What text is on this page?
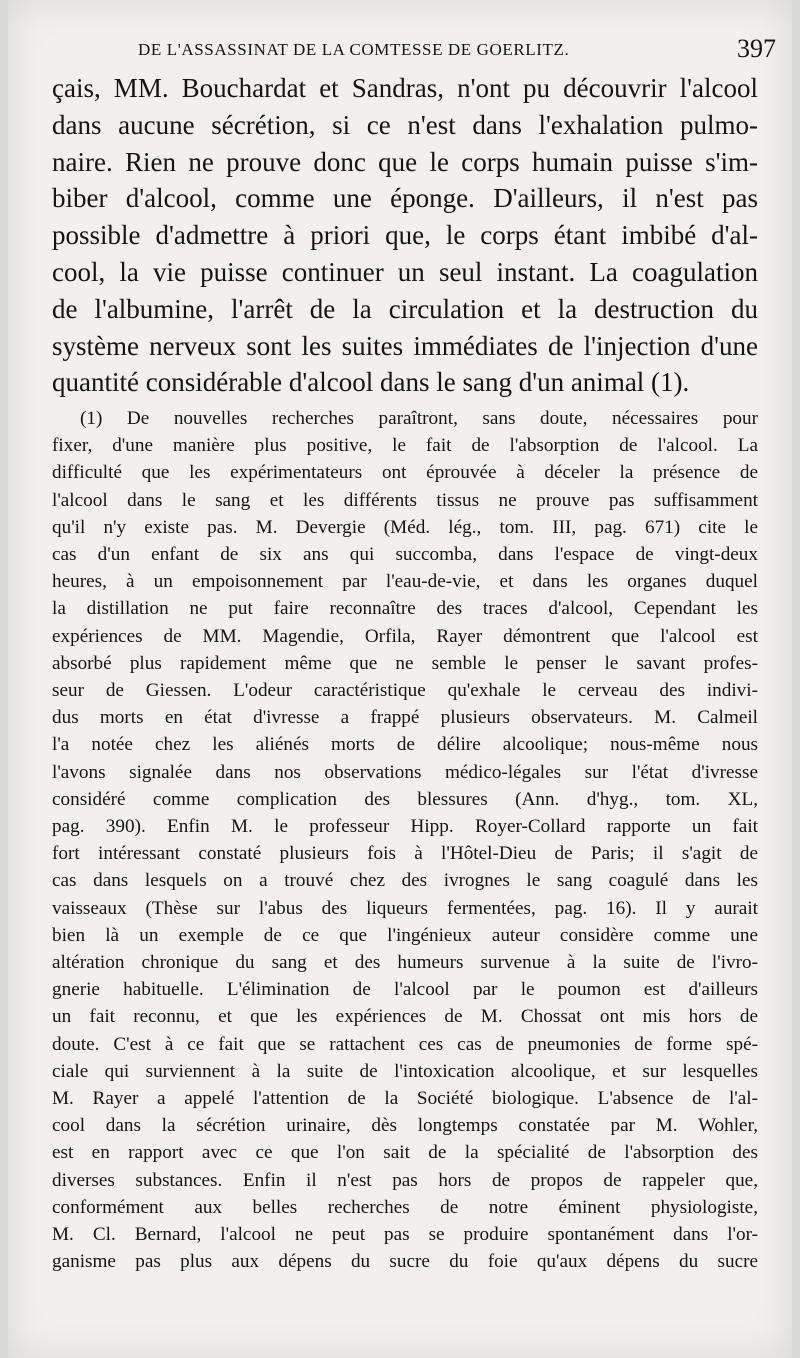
DE L'ASSASSINAT DE LA COMTESSE DE GOERLITZ.	397
çais, MM. Bouchardat et Sandras, n'ont pu découvrir l'alcool
dans aucune sécrétion, si ce n'est dans l'exhalation pulmo-
naire. Rien ne prouve donc que le corps humain puisse s'im-
biber d'alcool, comme une éponge. D'ailleurs, il n'est pas
possible d'admettre à priori que, le corps étant imbibé d'al-
cool, la vie puisse continuer un seul instant. La coagulation
de l'albumine, l'arrêt de la circulation et la destruction du
système nerveux sont les suites immédiates de l'injection d'une
quantité considérable d'alcool dans le sang d'un animal (1).
(1) De nouvelles recherches paraîtront, sans doute, nécessaires pour
fixer, d'une manière plus positive, le fait de l'absorption de l'alcool. La
difficulté que les expérimentateurs ont éprouvée à déceler la présence de
l'alcool dans le sang et les différents tissus ne prouve pas suffisamment
qu'il n'y existe pas. M. Devergie (Méd. lég., tom. III, pag. 671) cite le
cas d'un enfant de six ans qui succomba, dans l'espace de vingt-deux
heures, à un empoisonnement par l'eau-de-vie, et dans les organes duquel
la distillation ne put faire reconnaître des traces d'alcool, Cependant les
expériences de MM. Magendie, Orfila, Rayer démontrent que l'alcool est
absorbé plus rapidement même que ne semble le penser le savant profes-
seur de Giessen. L'odeur caractéristique qu'exhale le cerveau des indivi-
dus morts en état d'ivresse a frappé plusieurs observateurs. M. Calmeil
l'a notée chez les aliénés morts de délire alcoolique; nous-même nous
l'avons signalée dans nos observations médico-légales sur l'état d'ivresse
considéré comme complication des blessures (Ann. d'hyg., tom. XL,
pag. 390). Enfin M. le professeur Hipp. Royer-Collard rapporte un fait
fort intéressant constaté plusieurs fois à l'Hôtel-Dieu de Paris; il s'agit de
cas dans lesquels on a trouvé chez des ivrognes le sang coagulé dans les
vaisseaux (Thèse sur l'abus des liqueurs fermentées, pag. 16). Il y aurait
bien là un exemple de ce que l'ingénieux auteur considère comme une
altération chronique du sang et des humeurs survenue à la suite de l'ivro-
gnerie habituelle. L'élimination de l'alcool par le poumon est d'ailleurs
un fait reconnu, et que les expériences de M. Chossat ont mis hors de
doute. C'est à ce fait que se rattachent ces cas de pneumonies de forme spé-
ciale qui surviennent à la suite de l'intoxication alcoolique, et sur lesquelles
M. Rayer a appelé l'attention de la Société biologique. L'absence de l'al-
cool dans la sécrétion urinaire, dès longtemps constatée par M. Wohler,
est en rapport avec ce que l'on sait de la spécialité de l'absorption des
diverses substances. Enfin il n'est pas hors de propos de rappeler que,
conformément aux belles recherches de notre éminent physiologiste,
M. Cl. Bernard, l'alcool ne peut pas se produire spontanément dans l'or-
ganisme pas plus aux dépens du sucre du foie qu'aux dépens du sucre
